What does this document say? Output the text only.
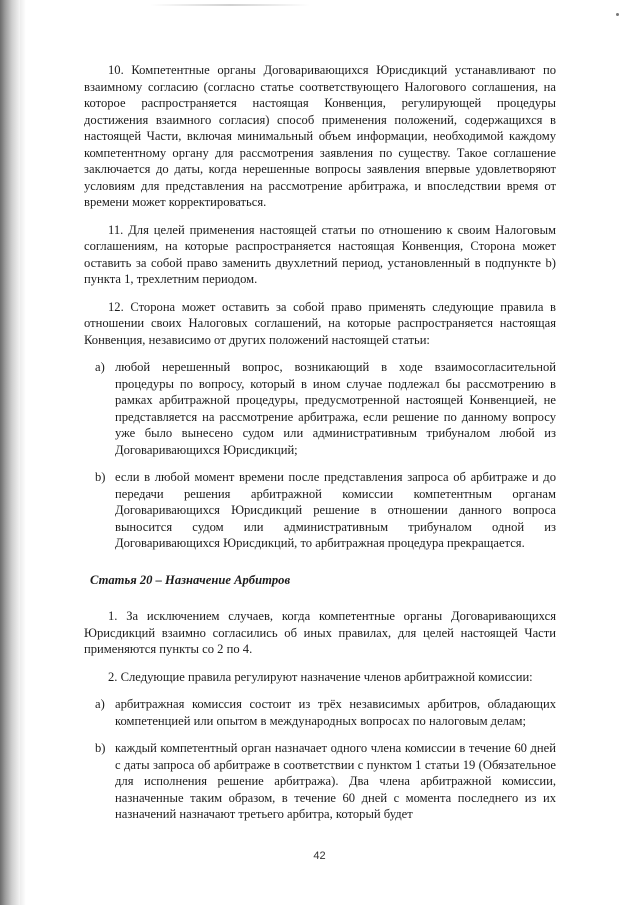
10. Компетентные органы Договаривающихся Юрисдикций устанавливают по взаимному согласию (согласно статье соответствующего Налогового соглашения, на которое распространяется настоящая Конвенция, регулирующей процедуры достижения взаимного согласия) способ применения положений, содержащихся в настоящей Части, включая минимальный объем информации, необходимой каждому компетентному органу для рассмотрения заявления по существу. Такое соглашение заключается до даты, когда нерешенные вопросы заявления впервые удовлетворяют условиям для представления на рассмотрение арбитража, и впоследствии время от времени может корректироваться.

11. Для целей применения настоящей статьи по отношению к своим Налоговым соглашениям, на которые распространяется настоящая Конвенция, Сторона может оставить за собой право заменить двухлетний период, установленный в подпункте b) пункта 1, трехлетним периодом.

12. Сторона может оставить за собой право применять следующие правила в отношении своих Налоговых соглашений, на которые распространяется настоящая Конвенция, независимо от других положений настоящей статьи:

a) любой нерешенный вопрос, возникающий в ходе взаимосогласительной процедуры по вопросу, который в ином случае подлежал бы рассмотрению в рамках арбитражной процедуры, предусмотренной настоящей Конвенцией, не представляется на рассмотрение арбитража, если решение по данному вопросу уже было вынесено судом или административным трибуналом любой из Договаривающихся Юрисдикций;
b) если в любой момент времени после представления запроса об арбитраже и до передачи решения арбитражной комиссии компетентным органам Договаривающихся Юрисдикций решение в отношении данного вопроса выносится судом или административным трибуналом одной из Договаривающихся Юрисдикций, то арбитражная процедура прекращается.

Статья 20 – Назначение Арбитров

1. За исключением случаев, когда компетентные органы Договаривающихся Юрисдикций взаимно согласились об иных правилах, для целей настоящей Части применяются пункты со 2 по 4.

2. Следующие правила регулируют назначение членов арбитражной комиссии:

a) арбитражная комиссия состоит из трёх независимых арбитров, обладающих компетенцией или опытом в международных вопросах по налоговым делам;
b) каждый компетентный орган назначает одного члена комиссии в течение 60 дней с даты запроса об арбитраже в соответствии с пунктом 1 статьи 19 (Обязательное для исполнения решение арбитража). Два члена арбитражной комиссии, назначенные таким образом, в течение 60 дней с момента последнего из их назначений назначают третьего арбитра, который будет
42
